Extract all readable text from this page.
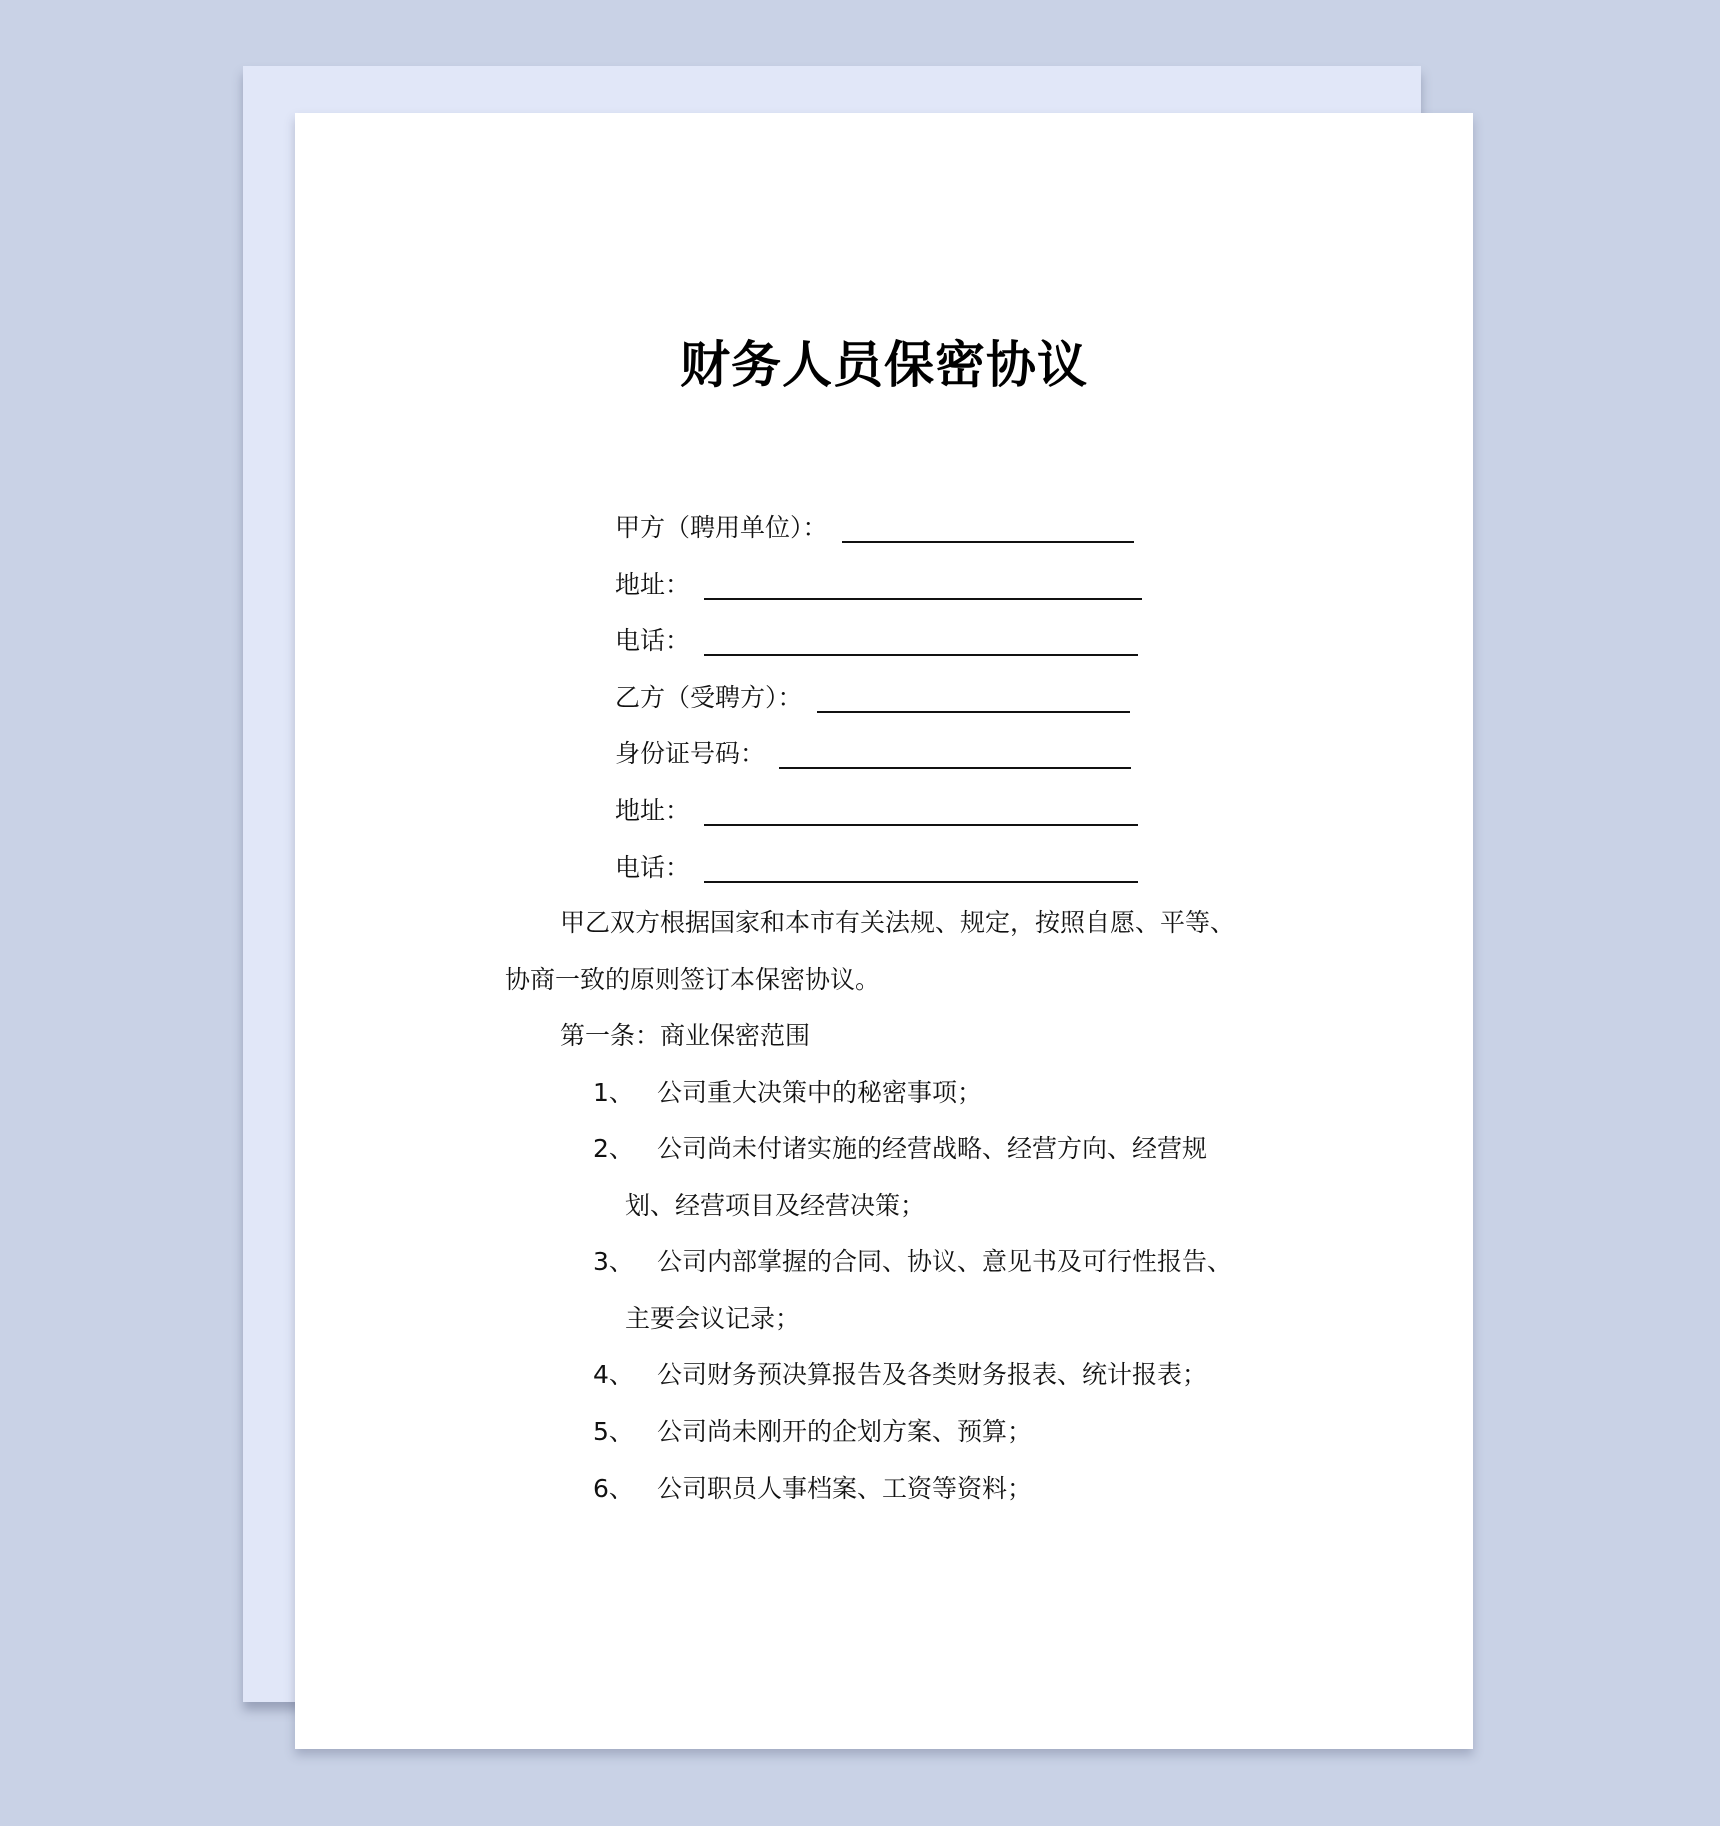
财务人员保密协议
甲方（聘用单位）：
地址：
电话：
乙方（受聘方）：
身份证号码：
地址：
电话：
甲乙双方根据国家和本市有关法规、规定，按照自愿、平等、
协商一致的原则签订本保密协议。
第一条：商业保密范围
1、 公司重大决策中的秘密事项；
2、 公司尚未付诸实施的经营战略、经营方向、经营规
划、经营项目及经营决策；
3、 公司内部掌握的合同、协议、意见书及可行性报告、
主要会议记录；
4、 公司财务预决算报告及各类财务报表、统计报表；
5、 公司尚未刚开的企划方案、预算；
6、 公司职员人事档案、工资等资料；
